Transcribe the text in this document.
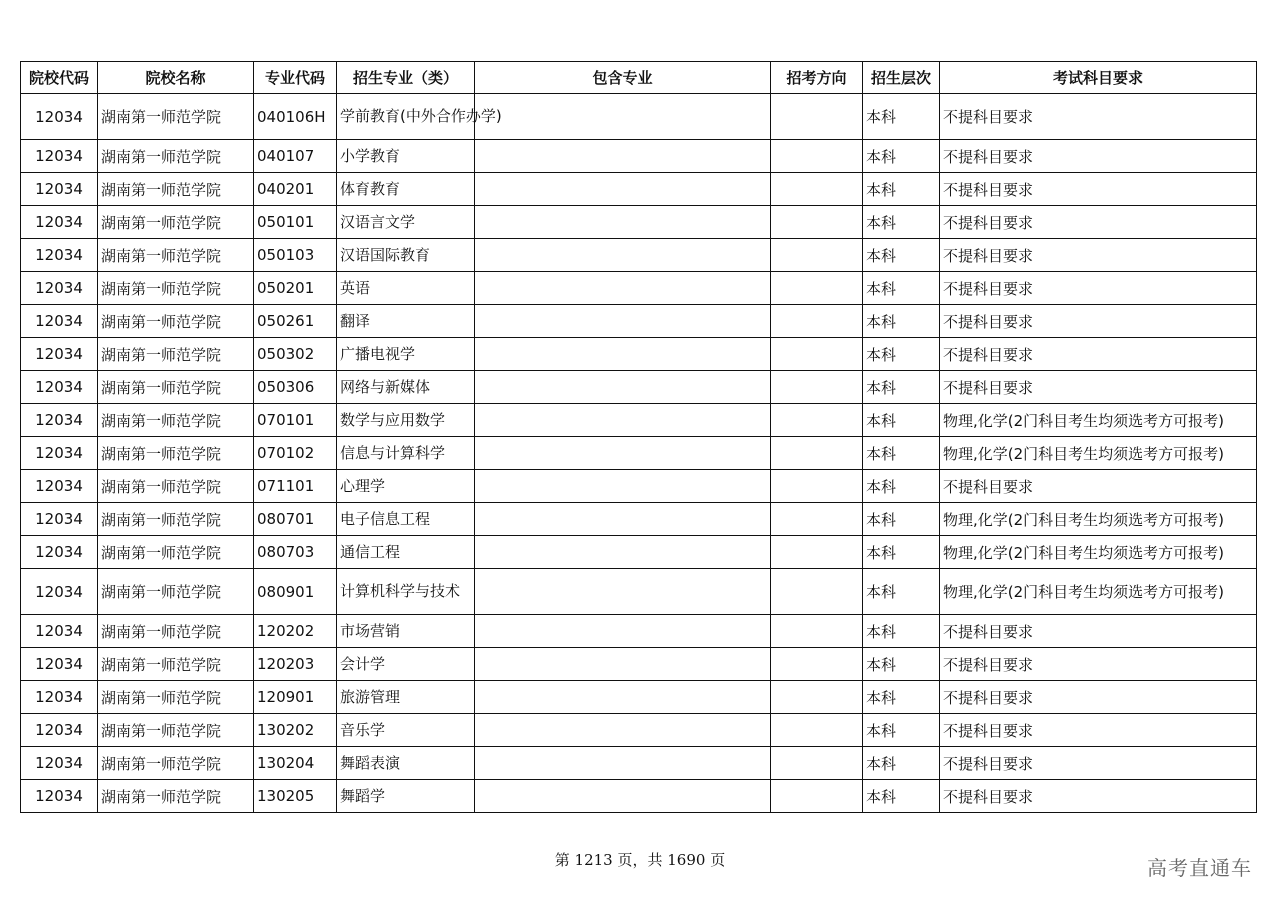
院校代码	院校名称	专业代码	招生专业（类）	包含专业	招考方向	招生层次	考试科目要求
12034	湖南第一师范学院	040106H	学前教育(中外合作办学)			本科	不提科目要求
12034	湖南第一师范学院	040107	小学教育			本科	不提科目要求
12034	湖南第一师范学院	040201	体育教育			本科	不提科目要求
12034	湖南第一师范学院	050101	汉语言文学			本科	不提科目要求
12034	湖南第一师范学院	050103	汉语国际教育			本科	不提科目要求
12034	湖南第一师范学院	050201	英语			本科	不提科目要求
12034	湖南第一师范学院	050261	翻译			本科	不提科目要求
12034	湖南第一师范学院	050302	广播电视学			本科	不提科目要求
12034	湖南第一师范学院	050306	网络与新媒体			本科	不提科目要求
12034	湖南第一师范学院	070101	数学与应用数学			本科	物理,化学(2门科目考生均须选考方可报考)
12034	湖南第一师范学院	070102	信息与计算科学			本科	物理,化学(2门科目考生均须选考方可报考)
12034	湖南第一师范学院	071101	心理学			本科	不提科目要求
12034	湖南第一师范学院	080701	电子信息工程			本科	物理,化学(2门科目考生均须选考方可报考)
12034	湖南第一师范学院	080703	通信工程			本科	物理,化学(2门科目考生均须选考方可报考)
12034	湖南第一师范学院	080901	计算机科学与技术			本科	物理,化学(2门科目考生均须选考方可报考)
12034	湖南第一师范学院	120202	市场营销			本科	不提科目要求
12034	湖南第一师范学院	120203	会计学			本科	不提科目要求
12034	湖南第一师范学院	120901	旅游管理			本科	不提科目要求
12034	湖南第一师范学院	130202	音乐学			本科	不提科目要求
12034	湖南第一师范学院	130204	舞蹈表演			本科	不提科目要求
12034	湖南第一师范学院	130205	舞蹈学			本科	不提科目要求
第 1213 页，共 1690 页	高考直通车
